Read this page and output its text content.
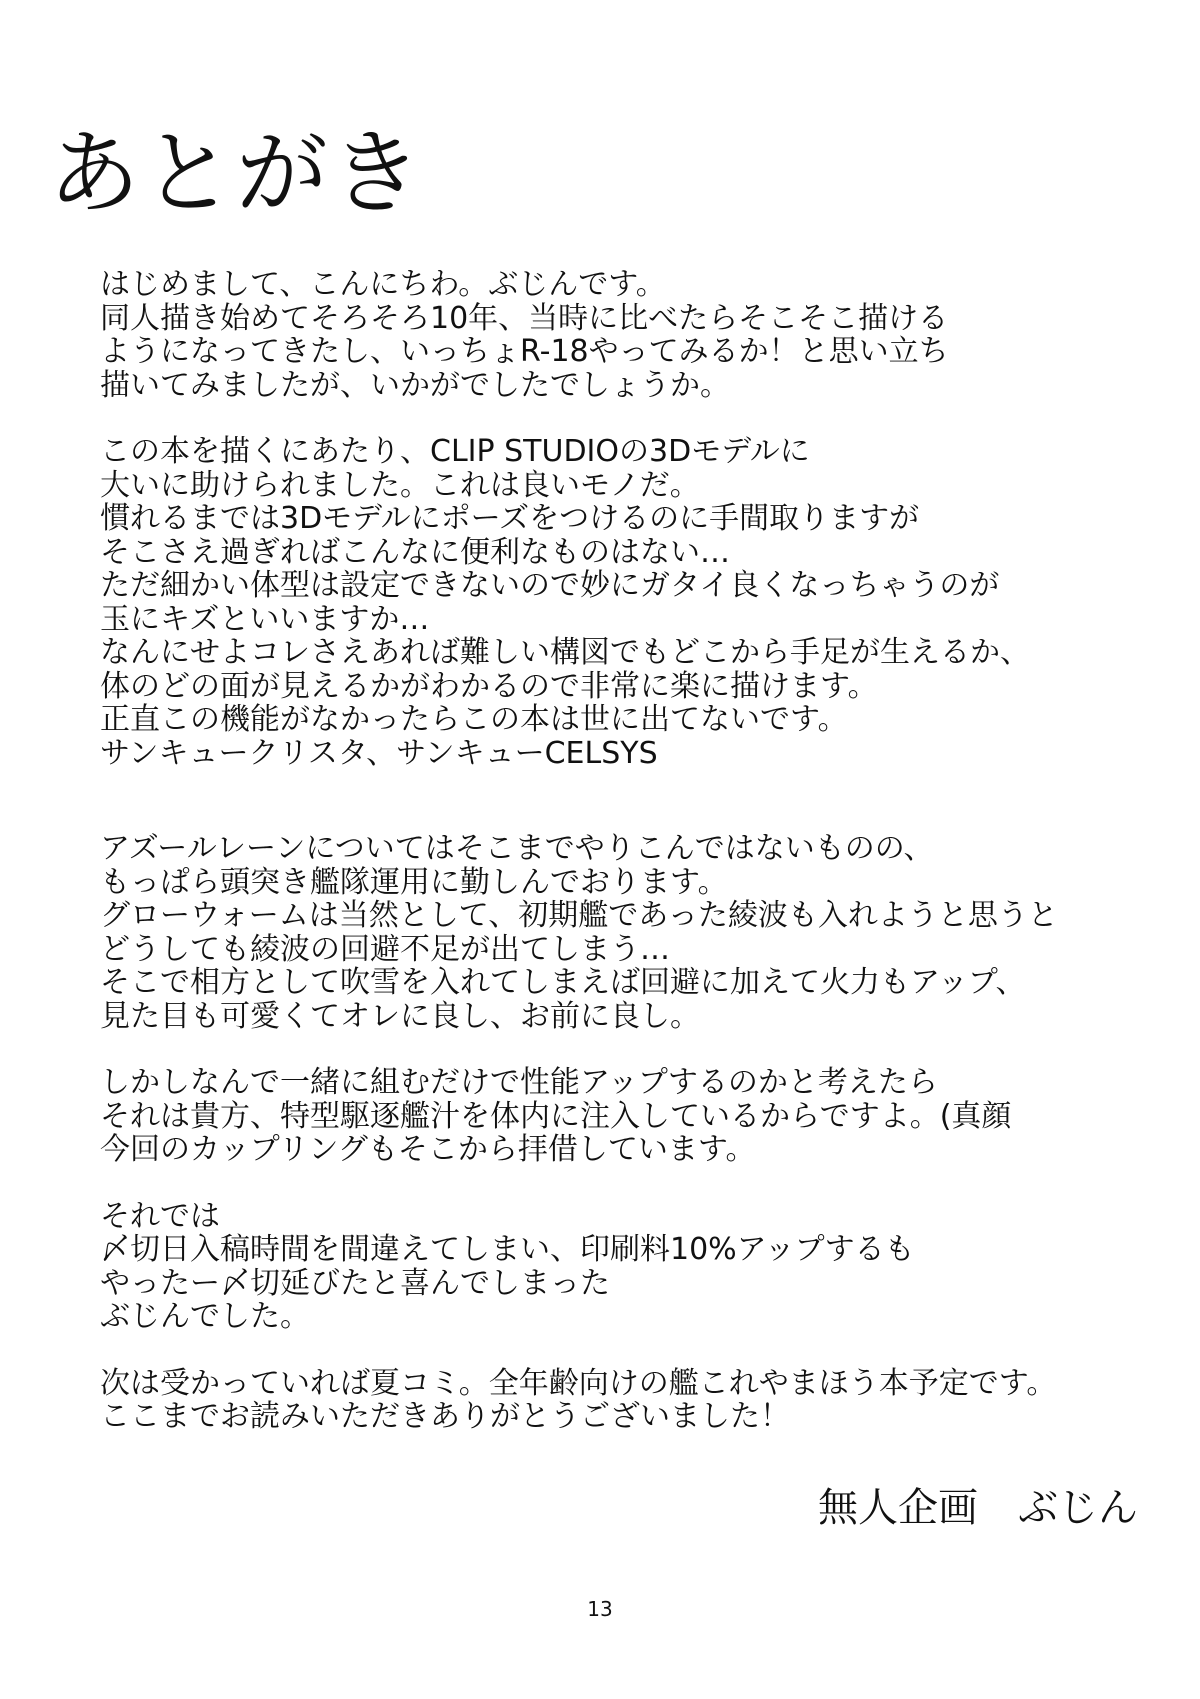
あとがき

はじめまして、こんにちわ。ぶじんです。
同人描き始めてそろそろ10年、当時に比べたらそこそこ描ける
ようになってきたし、いっちょR-18やってみるか！と思い立ち
描いてみましたが、いかがでしたでしょうか。

この本を描くにあたり、CLIP STUDIOの3Dモデルに
大いに助けられました。これは良いモノだ。
慣れるまでは3Dモデルにポーズをつけるのに手間取りますが
そこさえ過ぎればこんなに便利なものはない…
ただ細かい体型は設定できないので妙にガタイ良くなっちゃうのが
玉にキズといいますか…
なんにせよコレさえあれば難しい構図でもどこから手足が生えるか、
体のどの面が見えるかがわかるので非常に楽に描けます。
正直この機能がなかったらこの本は世に出てないです。
サンキュークリスタ、サンキューCELSYS

アズールレーンについてはそこまでやりこんではないものの、
もっぱら頭突き艦隊運用に勤しんでおります。
グローウォームは当然として、初期艦であった綾波も入れようと思うと
どうしても綾波の回避不足が出てしまう…
そこで相方として吹雪を入れてしまえば回避に加えて火力もアップ、
見た目も可愛くてオレに良し、お前に良し。

しかしなんで一緒に組むだけで性能アップするのかと考えたら
それは貴方、特型駆逐艦汁を体内に注入しているからですよ。(真顔
今回のカップリングもそこから拝借しています。

それでは
〆切日入稿時間を間違えてしまい、印刷料10%アップするも
やったー〆切延びたと喜んでしまった
ぶじんでした。

次は受かっていれば夏コミ。全年齢向けの艦これやまほう本予定です。
ここまでお読みいただきありがとうございました！

無人企画　ぶじん
13
